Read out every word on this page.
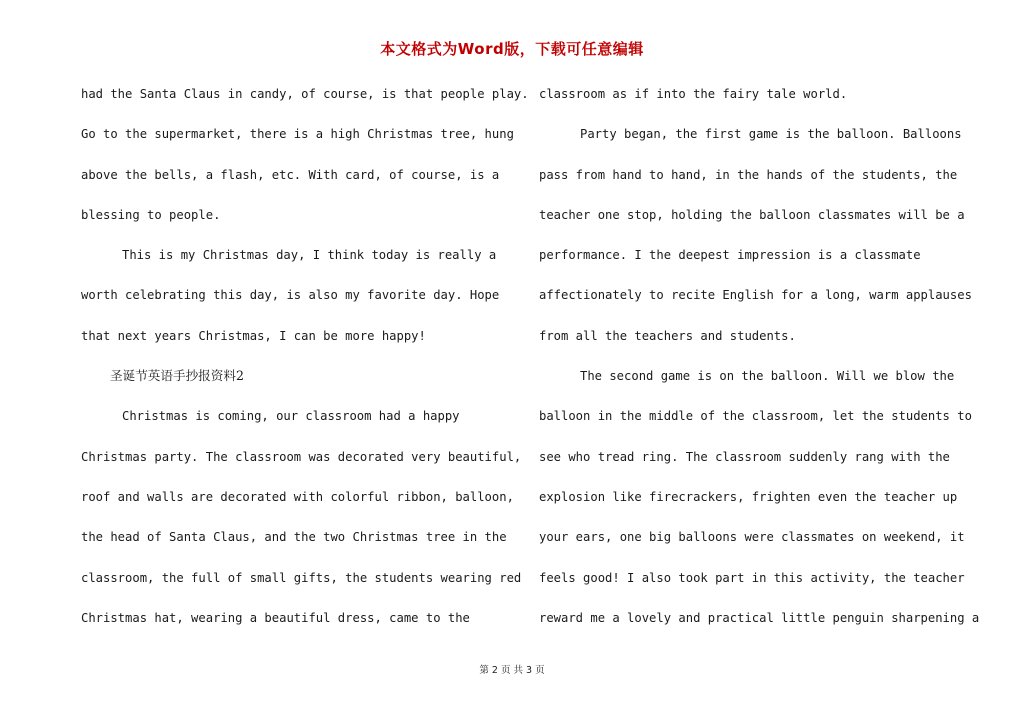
本文格式为Word版，下载可任意编辑
had the Santa Claus in candy, of course, is that people play.
Go to the supermarket, there is a high Christmas tree, hung
above the bells, a flash, etc. With card, of course, is a
blessing to people.
This is my Christmas day, I think today is really a
worth celebrating this day, is also my favorite day. Hope
that next years Christmas, I can be more happy!
圣诞节英语手抄报资料2
Christmas is coming, our classroom had a happy
Christmas party. The classroom was decorated very beautiful,
roof and walls are decorated with colorful ribbon, balloon,
the head of Santa Claus, and the two Christmas tree in the
classroom, the full of small gifts, the students wearing red
Christmas hat, wearing a beautiful dress, came to the
classroom as if into the fairy tale world.
Party began, the first game is the balloon. Balloons
pass from hand to hand, in the hands of the students, the
teacher one stop, holding the balloon classmates will be a
performance. I the deepest impression is a classmate
affectionately to recite English for a long, warm applauses
from all the teachers and students.
The second game is on the balloon. Will we blow the
balloon in the middle of the classroom, let the students to
see who tread ring. The classroom suddenly rang with the
explosion like firecrackers, frighten even the teacher up
your ears, one big balloons were classmates on weekend, it
feels good! I also took part in this activity, the teacher
reward me a lovely and practical little penguin sharpening a
第 2 页 共 3 页
